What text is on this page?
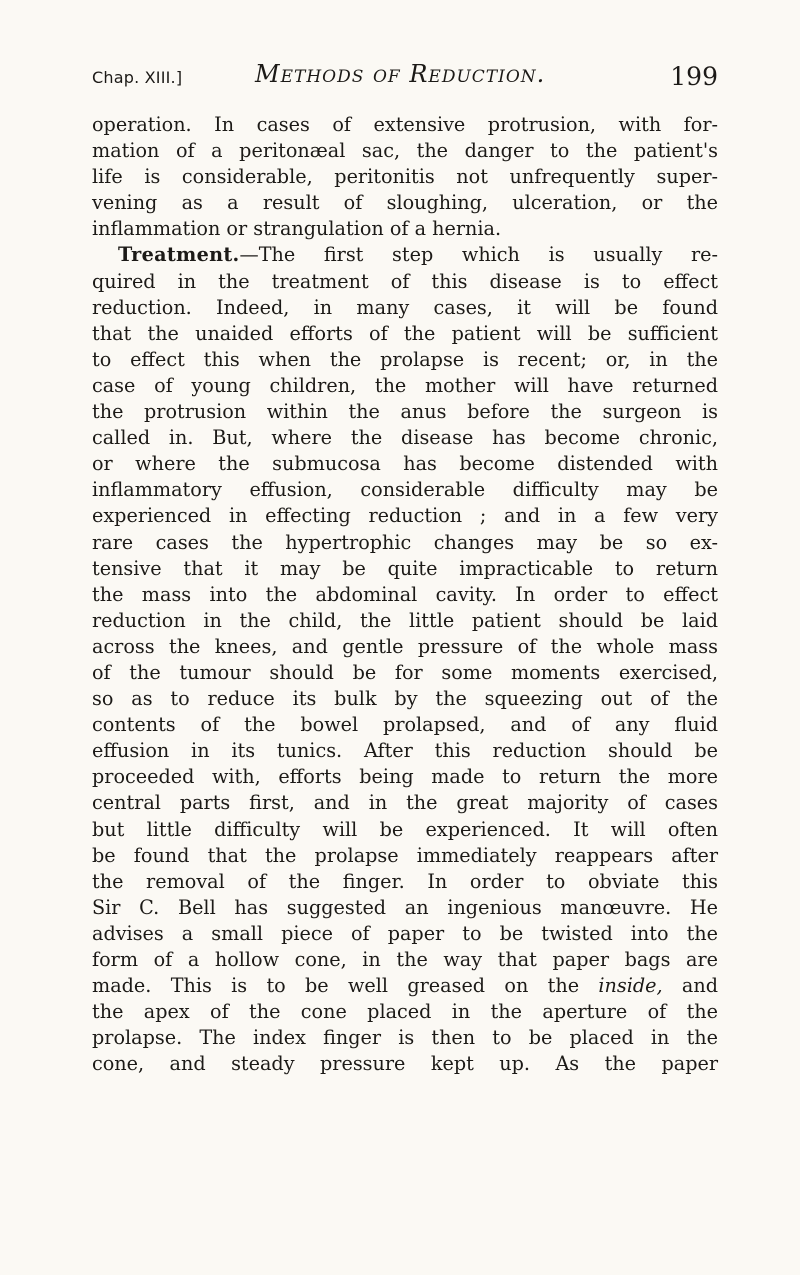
Chap. XIII.]	Methods of Reduction.	199
operation. In cases of extensive protrusion, with for-
mation of a peritonæal sac, the danger to the patient's
life is considerable, peritonitis not unfrequently super-
vening as a result of sloughing, ulceration, or the
inflammation or strangulation of a hernia.
Treatment.—The first step which is usually re-
quired in the treatment of this disease is to effect
reduction. Indeed, in many cases, it will be found
that the unaided efforts of the patient will be sufficient
to effect this when the prolapse is recent; or, in the
case of young children, the mother will have returned
the protrusion within the anus before the surgeon is
called in. But, where the disease has become chronic,
or where the submucosa has become distended with
inflammatory effusion, considerable difficulty may be
experienced in effecting reduction ; and in a few very
rare cases the hypertrophic changes may be so ex-
tensive that it may be quite impracticable to return
the mass into the abdominal cavity. In order to effect
reduction in the child, the little patient should be laid
across the knees, and gentle pressure of the whole mass
of the tumour should be for some moments exercised,
so as to reduce its bulk by the squeezing out of the
contents of the bowel prolapsed, and of any fluid
effusion in its tunics. After this reduction should be
proceeded with, efforts being made to return the more
central parts first, and in the great majority of cases
but little difficulty will be experienced. It will often
be found that the prolapse immediately reappears after
the removal of the finger. In order to obviate this
Sir C. Bell has suggested an ingenious manœuvre. He
advises a small piece of paper to be twisted into the
form of a hollow cone, in the way that paper bags are
made. This is to be well greased on the inside, and
the apex of the cone placed in the aperture of the
prolapse. The index finger is then to be placed in the
cone, and steady pressure kept up. As the paper
